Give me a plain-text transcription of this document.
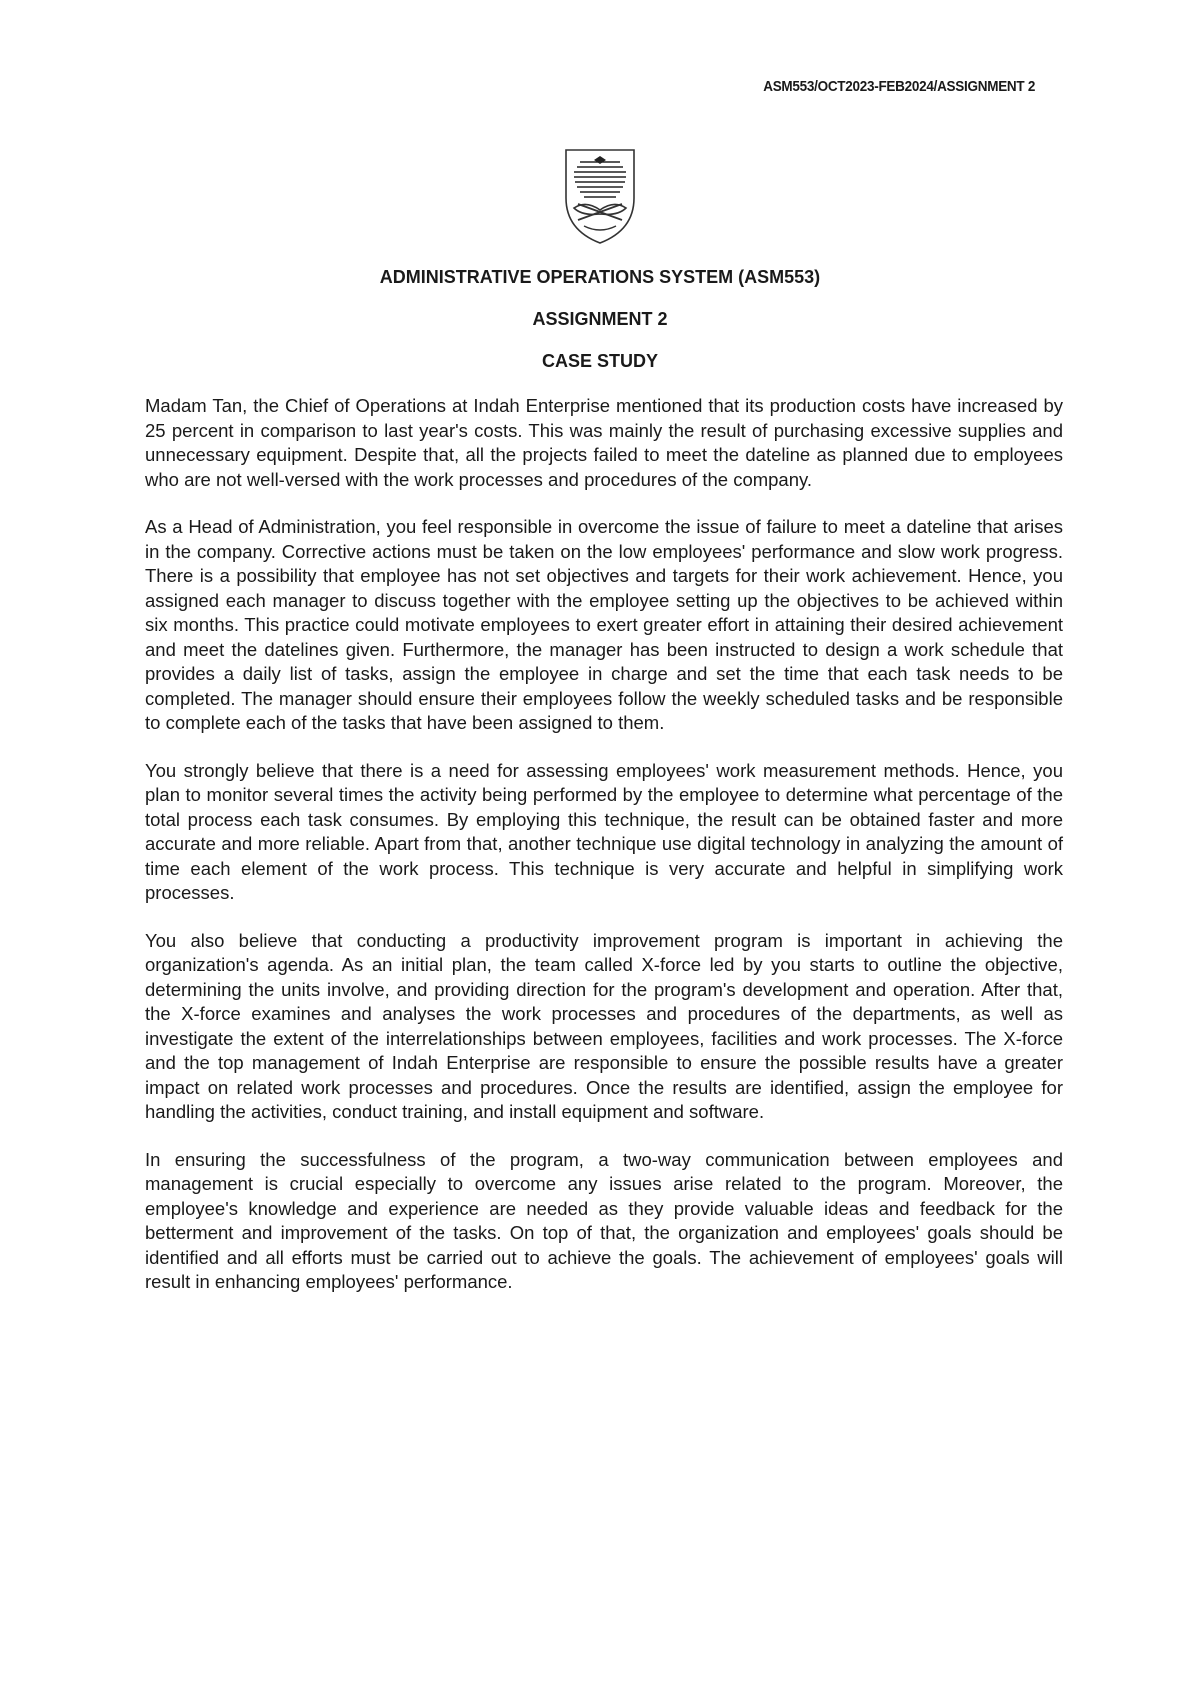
ASM553/OCT2023-FEB2024/ASSIGNMENT 2

ADMINISTRATIVE OPERATIONS SYSTEM (ASM553)

ASSIGNMENT 2

CASE STUDY

Madam Tan, the Chief of Operations at Indah Enterprise mentioned that its production costs have increased by 25 percent in comparison to last year's costs. This was mainly the result of purchasing excessive supplies and unnecessary equipment. Despite that, all the projects failed to meet the dateline as planned due to employees who are not well-versed with the work processes and procedures of the company.

As a Head of Administration, you feel responsible in overcome the issue of failure to meet a dateline that arises in the company. Corrective actions must be taken on the low employees' performance and slow work progress. There is a possibility that employee has not set objectives and targets for their work achievement. Hence, you assigned each manager to discuss together with the employee setting up the objectives to be achieved within six months. This practice could motivate employees to exert greater effort in attaining their desired achievement and meet the datelines given. Furthermore, the manager has been instructed to design a work schedule that provides a daily list of tasks, assign the employee in charge and set the time that each task needs to be completed. The manager should ensure their employees follow the weekly scheduled tasks and be responsible to complete each of the tasks that have been assigned to them.

You strongly believe that there is a need for assessing employees' work measurement methods. Hence, you plan to monitor several times the activity being performed by the employee to determine what percentage of the total process each task consumes. By employing this technique, the result can be obtained faster and more accurate and more reliable. Apart from that, another technique use digital technology in analyzing the amount of time each element of the work process. This technique is very accurate and helpful in simplifying work processes.

You also believe that conducting a productivity improvement program is important in achieving the organization's agenda. As an initial plan, the team called X-force led by you starts to outline the objective, determining the units involve, and providing direction for the program's development and operation. After that, the X-force examines and analyses the work processes and procedures of the departments, as well as investigate the extent of the interrelationships between employees, facilities and work processes. The X-force and the top management of Indah Enterprise are responsible to ensure the possible results have a greater impact on related work processes and procedures. Once the results are identified, assign the employee for handling the activities, conduct training, and install equipment and software.

In ensuring the successfulness of the program, a two-way communication between employees and management is crucial especially to overcome any issues arise related to the program. Moreover, the employee's knowledge and experience are needed as they provide valuable ideas and feedback for the betterment and improvement of the tasks. On top of that, the organization and employees' goals should be identified and all efforts must be carried out to achieve the goals. The achievement of employees' goals will result in enhancing employees' performance.
